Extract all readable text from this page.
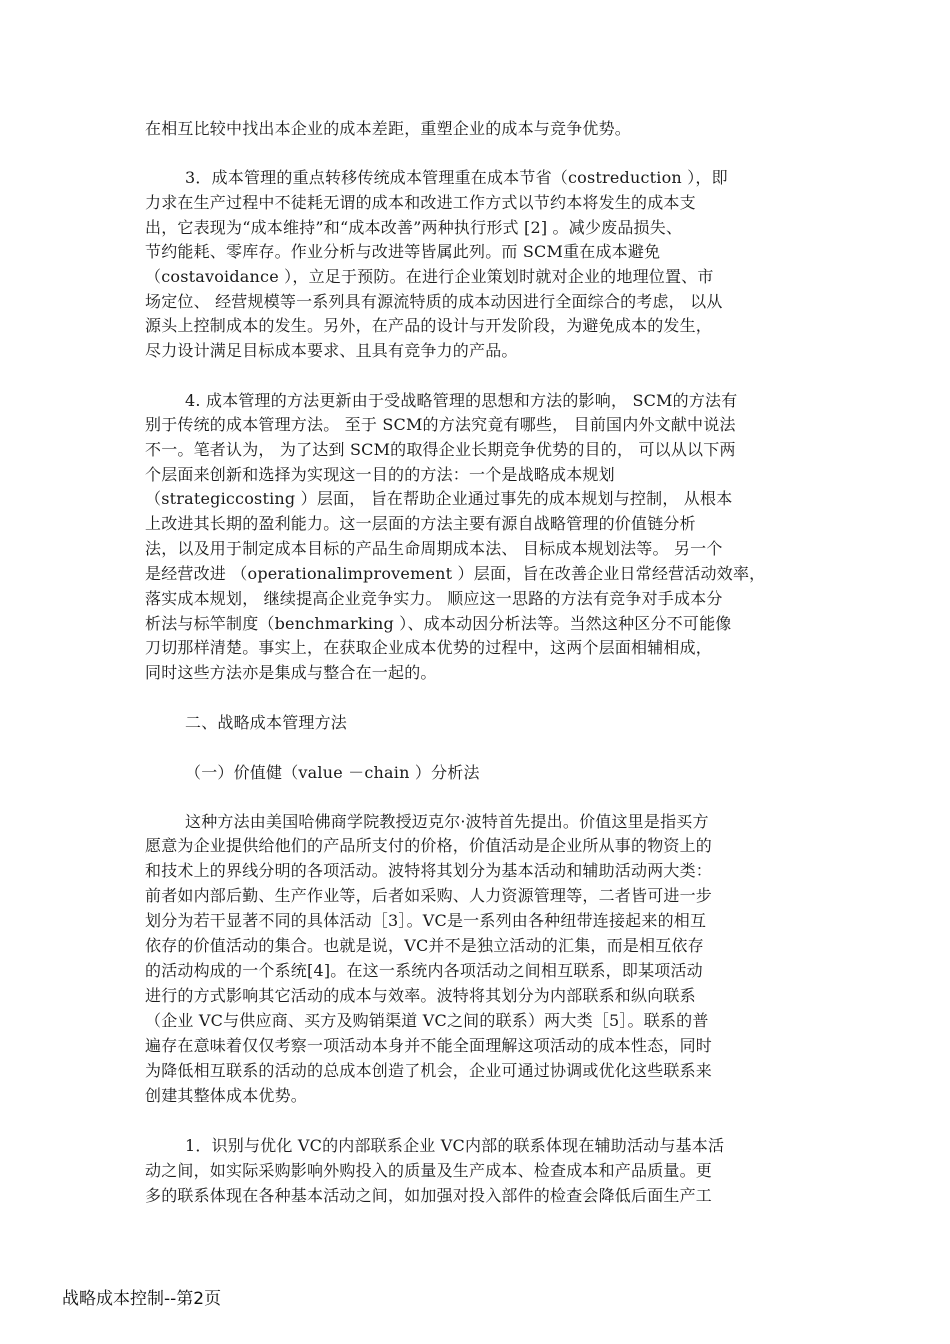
在相互比较中找出本企业的成本差距，重塑企业的成本与竞争优势。
3．成本管理的重点转移传统成本管理重在成本节省（costreduction ），即
力求在生产过程中不徒耗无谓的成本和改进工作方式以节约本将发生的成本支
出，它表现为“成本维持”和“成本改善”两种执行形式 [2] 。减少废品损失、
节约能耗、零库存。作业分析与改进等皆属此列。而 SCM重在成本避免
（costavoidance ），立足于预防。在进行企业策划时就对企业的地理位置、市
场定位、 经营规模等一系列具有源流特质的成本动因进行全面综合的考虑， 以从
源头上控制成本的发生。另外，在产品的设计与开发阶段，为避免成本的发生，
尽力设计满足目标成本要求、且具有竞争力的产品。
4. 成本管理的方法更新由于受战略管理的思想和方法的影响， SCM的方法有
别于传统的成本管理方法。 至于 SCM的方法究竟有哪些， 目前国内外文献中说法
不一。笔者认为， 为了达到 SCM的取得企业长期竞争优势的目的， 可以从以下两
个层面来创新和选择为实现这一目的的方法：一个是战略成本规划
（strategiccosting ）层面， 旨在帮助企业通过事先的成本规划与控制， 从根本
上改进其长期的盈利能力。这一层面的方法主要有源自战略管理的价值链分析
法，以及用于制定成本目标的产品生命周期成本法、 目标成本规划法等。 另一个
是经营改进 （operationalimprovement ）层面，旨在改善企业日常经营活动效率，
落实成本规划， 继续提高企业竞争实力。 顺应这一思路的方法有竞争对手成本分
析法与标竿制度（benchmarking ）、成本动因分析法等。当然这种区分不可能像
刀切那样清楚。事实上，在获取企业成本优势的过程中，这两个层面相辅相成，
同时这些方法亦是集成与整合在一起的。
二、战略成本管理方法
（一）价值健（value －chain ）分析法
这种方法由美国哈佛商学院教授迈克尔·波特首先提出。价值这里是指买方
愿意为企业提供给他们的产品所支付的价格，价值活动是企业所从事的物资上的
和技术上的界线分明的各项活动。波特将其划分为基本活动和辅助活动两大类：
前者如内部后勤、生产作业等，后者如采购、人力资源管理等，二者皆可进一步
划分为若干显著不同的具体活动［3］。VC是一系列由各种纽带连接起来的相互
依存的价值活动的集合。也就是说，VC并不是独立活动的汇集，而是相互依存
的活动构成的一个系统[4]。在这一系统内各项活动之间相互联系，即某项活动
进行的方式影响其它活动的成本与效率。波特将其划分为内部联系和纵向联系
（企业 VC与供应商、买方及购销渠道 VC之间的联系）两大类［5］。联系的普
遍存在意味着仅仅考察一项活动本身并不能全面理解这项活动的成本性态，同时
为降低相互联系的活动的总成本创造了机会，企业可通过协调或优化这些联系来
创建其整体成本优势。
1．识别与优化 VC的内部联系企业 VC内部的联系体现在辅助活动与基本活
动之间，如实际采购影响外购投入的质量及生产成本、检查成本和产品质量。更
多的联系体现在各种基本活动之间，如加强对投入部件的检查会降低后面生产工
战略成本控制--第2页
